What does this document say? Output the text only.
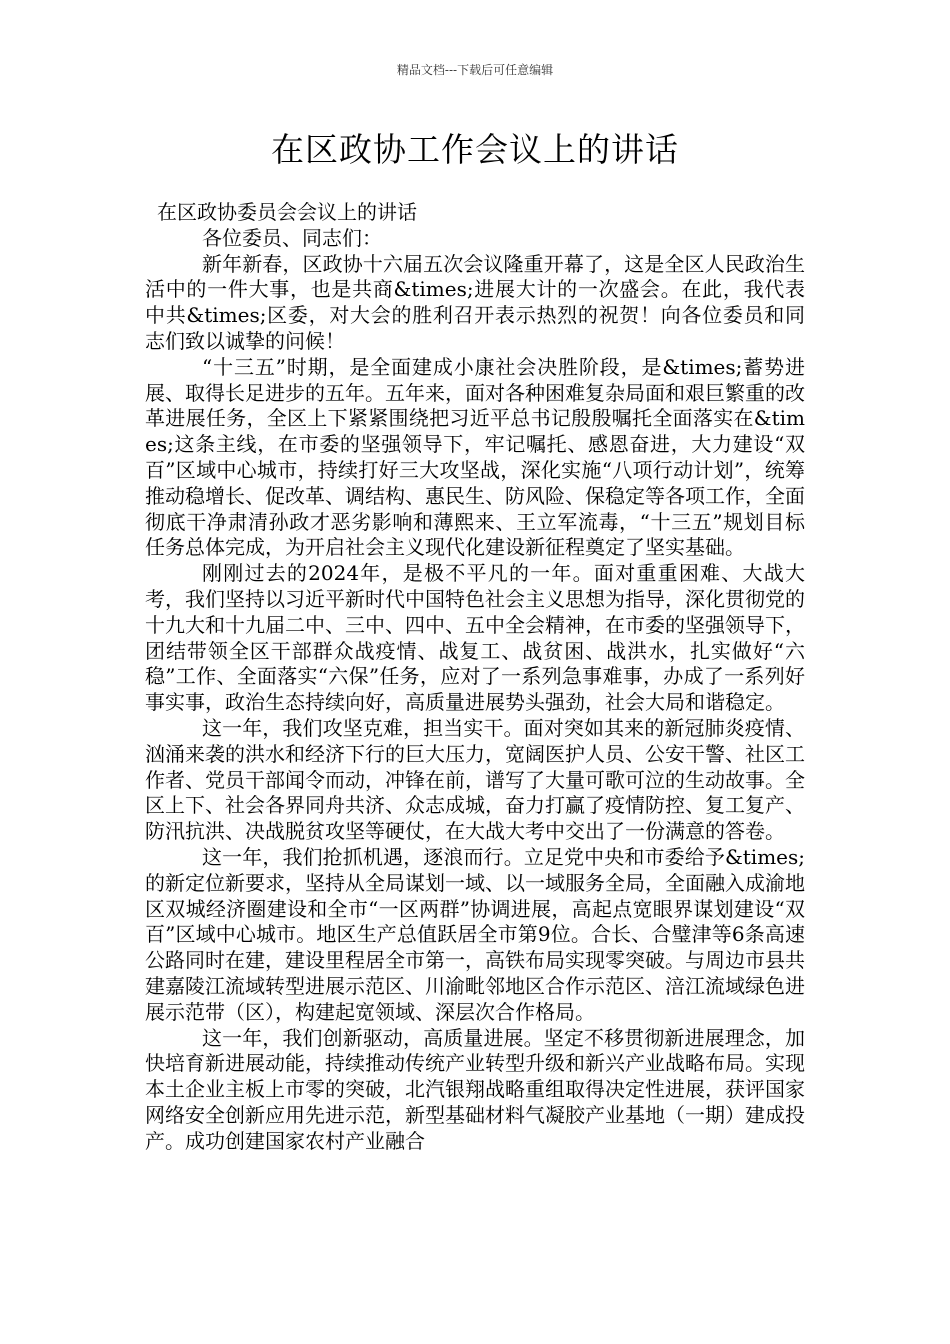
精品文档---下载后可任意编辑
在区政协工作会议上的讲话

在区政协委员会会议上的讲话

各位委员、同志们：

新年新春，区政协十六届五次会议隆重开幕了，这是全区人民政治生活中的一件大事，也是共商&times;进展大计的一次盛会。在此，我代表中共&times;区委，对大会的胜利召开表示热烈的祝贺！向各位委员和同志们致以诚挚的问候！

“十三五”时期，是全面建成小康社会决胜阶段，是&times;蓄势进展、取得长足进步的五年。五年来，面对各种困难复杂局面和艰巨繁重的改革进展任务，全区上下紧紧围绕把习近平总书记殷殷嘱托全面落实在&times;这条主线，在市委的坚强领导下，牢记嘱托、感恩奋进，大力建设“双百”区域中心城市，持续打好三大攻坚战，深化实施“八项行动计划”，统筹推动稳增长、促改革、调结构、惠民生、防风险、保稳定等各项工作，全面彻底干净肃清孙政才恶劣影响和薄熙来、王立军流毒，“十三五”规划目标任务总体完成，为开启社会主义现代化建设新征程奠定了坚实基础。

刚刚过去的2024年，是极不平凡的一年。面对重重困难、大战大考，我们坚持以习近平新时代中国特色社会主义思想为指导，深化贯彻党的十九大和十九届二中、三中、四中、五中全会精神，在市委的坚强领导下，团结带领全区干部群众战疫情、战复工、战贫困、战洪水，扎实做好“六稳”工作、全面落实“六保”任务，应对了一系列急事难事，办成了一系列好事实事，政治生态持续向好，高质量进展势头强劲，社会大局和谐稳定。

这一年，我们攻坚克难，担当实干。面对突如其来的新冠肺炎疫情、汹涌来袭的洪水和经济下行的巨大压力，宽阔医护人员、公安干警、社区工作者、党员干部闻令而动，冲锋在前，谱写了大量可歌可泣的生动故事。全区上下、社会各界同舟共济、众志成城，奋力打赢了疫情防控、复工复产、防汛抗洪、决战脱贫攻坚等硬仗，在大战大考中交出了一份满意的答卷。

这一年，我们抢抓机遇，逐浪而行。立足党中央和市委给予&times;的新定位新要求，坚持从全局谋划一域、以一域服务全局，全面融入成渝地区双城经济圈建设和全市“一区两群”协调进展，高起点宽眼界谋划建设“双百”区域中心城市。地区生产总值跃居全市第9位。合长、合璧津等6条高速公路同时在建，建设里程居全市第一，高铁布局实现零突破。与周边市县共建嘉陵江流域转型进展示范区、川渝毗邻地区合作示范区、涪江流域绿色进展示范带（区），构建起宽领域、深层次合作格局。

这一年，我们创新驱动，高质量进展。坚定不移贯彻新进展理念，加快培育新进展动能，持续推动传统产业转型升级和新兴产业战略布局。实现本土企业主板上市零的突破，北汽银翔战略重组取得决定性进展，获评国家网络安全创新应用先进示范，新型基础材料气凝胶产业基地（一期）建成投产。成功创建国家农村产业融合
